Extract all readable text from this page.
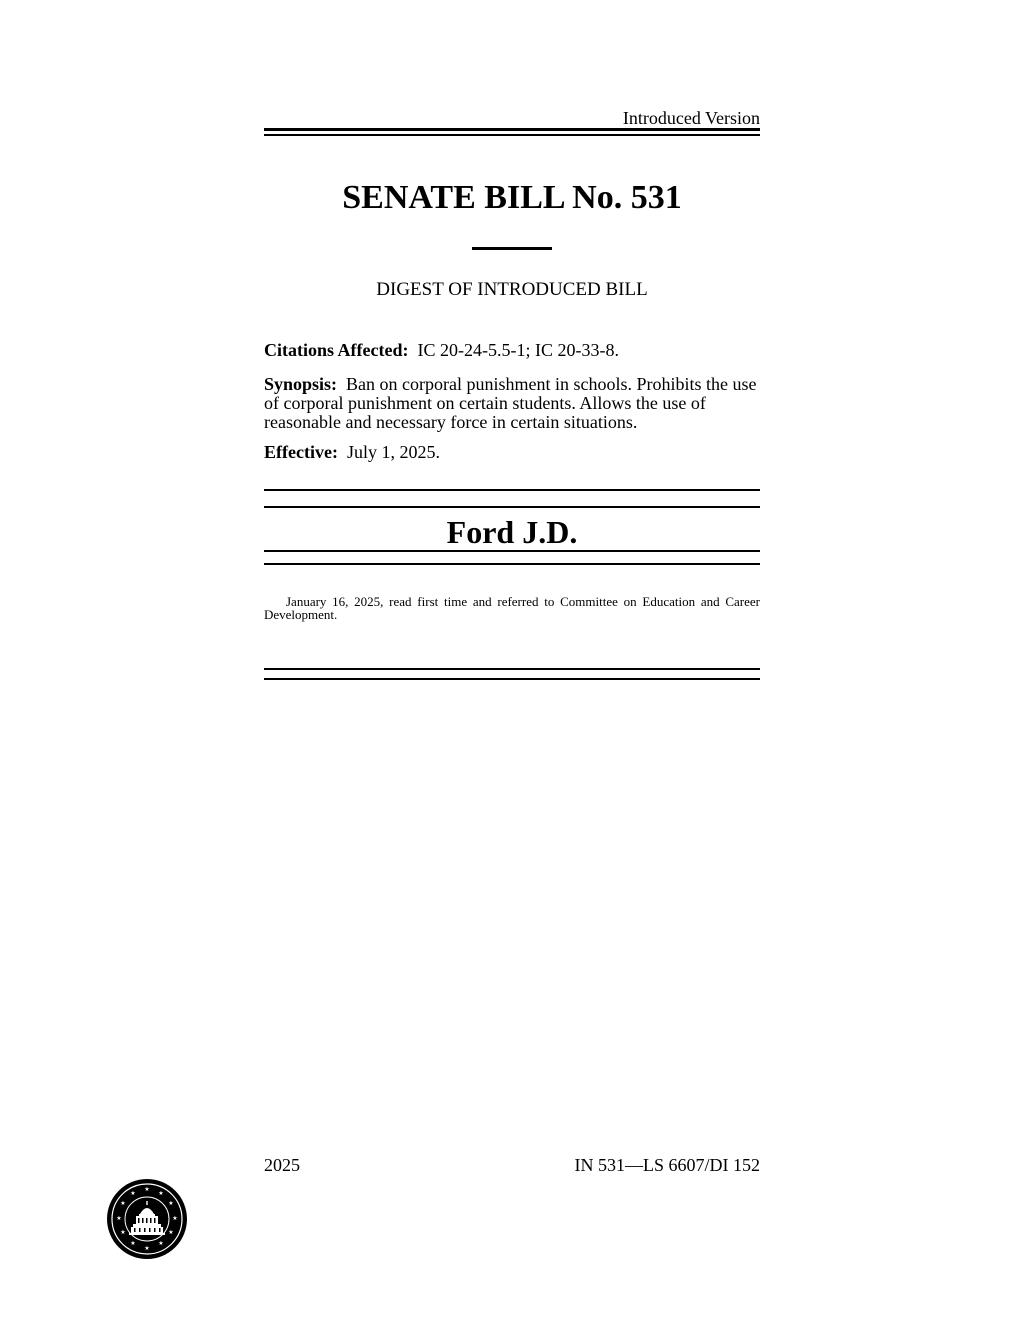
Introduced Version
SENATE BILL No. 531
DIGEST OF INTRODUCED BILL
Citations Affected: IC 20-24-5.5-1; IC 20-33-8.
Synopsis: Ban on corporal punishment in schools. Prohibits the use of corporal punishment on certain students. Allows the use of reasonable and necessary force in certain situations.
Effective: July 1, 2025.
Ford J.D.
January 16, 2025, read first time and referred to Committee on Education and Career Development.
2025	IN 531—LS 6607/DI 152
★
★
★
★
★
★
★
★
★
★
★
★
